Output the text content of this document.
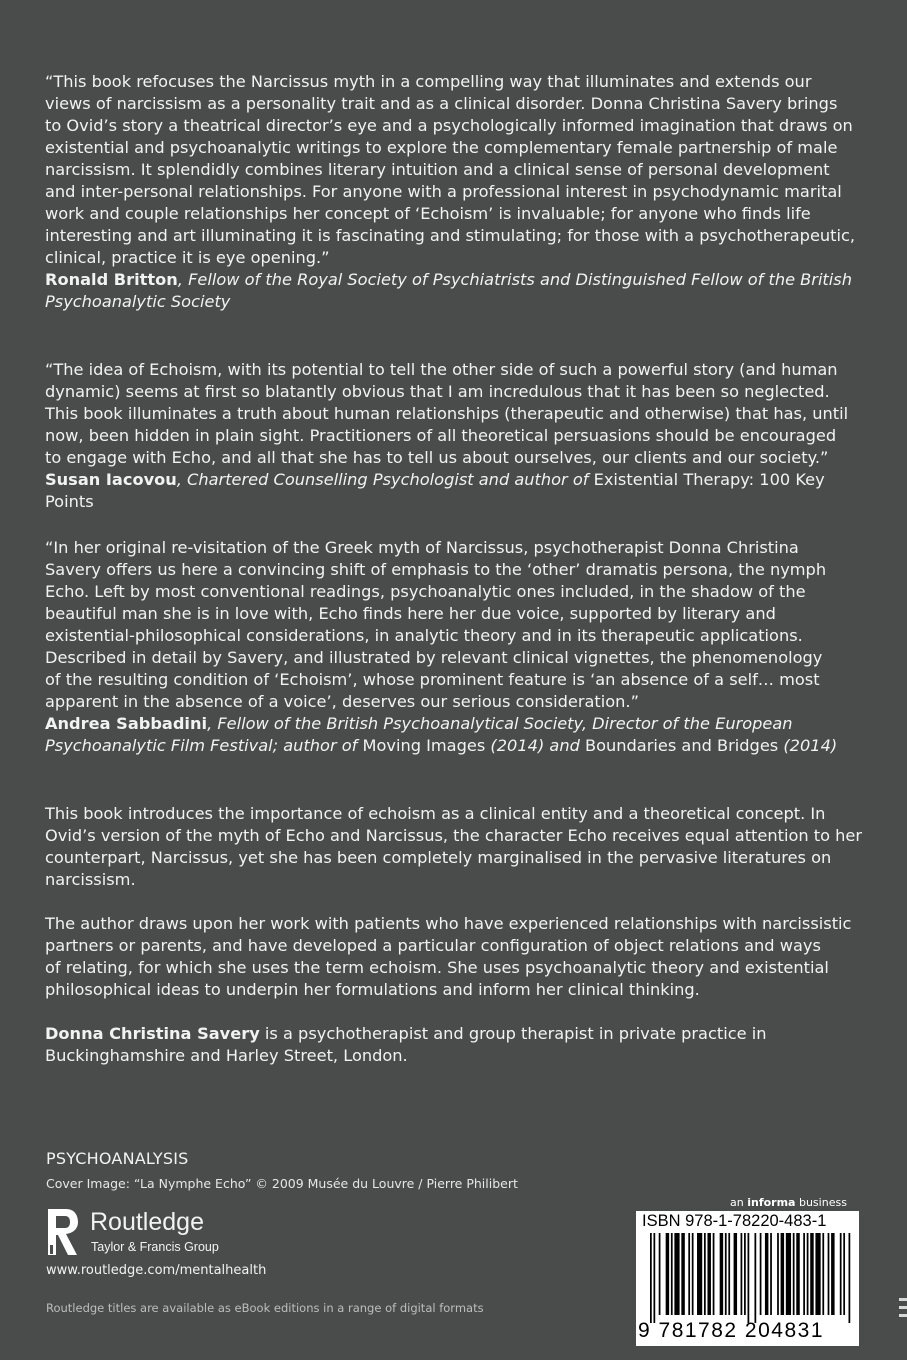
“This book refocuses the Narcissus myth in a compelling way that illuminates and extends our

views of narcissism as a personality trait and as a clinical disorder. Donna Christina Savery brings

to Ovid’s story a theatrical director’s eye and a psychologically informed imagination that draws on

existential and psychoanalytic writings to explore the complementary female partnership of male

narcissism. It splendidly combines literary intuition and a clinical sense of personal development

and inter-personal relationships. For anyone with a professional interest in psychodynamic marital

work and couple relationships her concept of ‘Echoism’ is invaluable; for anyone who finds life

interesting and art illuminating it is fascinating and stimulating; for those with a psychotherapeutic,

clinical, practice it is eye opening.”

Ronald Britton, Fellow of the Royal Society of Psychiatrists and Distinguished Fellow of the British

Psychoanalytic Society

“The idea of Echoism, with its potential to tell the other side of such a powerful story (and human

dynamic) seems at first so blatantly obvious that I am incredulous that it has been so neglected.

This book illuminates a truth about human relationships (therapeutic and otherwise) that has, until

now, been hidden in plain sight. Practitioners of all theoretical persuasions should be encouraged

to engage with Echo, and all that she has to tell us about ourselves, our clients and our society.”

Susan Iacovou, Chartered Counselling Psychologist and author of Existential Therapy: 100 Key Points

“In her original re-visitation of the Greek myth of Narcissus, psychotherapist Donna Christina

Savery offers us here a convincing shift of emphasis to the ‘other’ dramatis persona, the nymph

Echo. Left by most conventional readings, psychoanalytic ones included, in the shadow of the

beautiful man she is in love with, Echo finds here her due voice, supported by literary and

existential-philosophical considerations, in analytic theory and in its therapeutic applications.

Described in detail by Savery, and illustrated by relevant clinical vignettes, the phenomenology

of the resulting condition of ‘Echoism’, whose prominent feature is ‘an absence of a self… most

apparent in the absence of a voice’, deserves our serious consideration.”

Andrea Sabbadini, Fellow of the British Psychoanalytical Society, Director of the European

Psychoanalytic Film Festival; author of Moving Images (2014) and Boundaries and Bridges (2014)

This book introduces the importance of echoism as a clinical entity and a theoretical concept. In

Ovid’s version of the myth of Echo and Narcissus, the character Echo receives equal attention to her

counterpart, Narcissus, yet she has been completely marginalised in the pervasive literatures on

narcissism.

The author draws upon her work with patients who have experienced relationships with narcissistic

partners or parents, and have developed a particular configuration of object relations and ways

of relating, for which she uses the term echoism. She uses psychoanalytic theory and existential

philosophical ideas to underpin her formulations and inform her clinical thinking.

Donna Christina Savery is a psychotherapist and group therapist in private practice in

Buckinghamshire and Harley Street, London.

PSYCHOANALYSIS
Cover Image: “La Nymphe Echo” © 2009 Musée du Louvre / Pierre Philibert
Routledge
Taylor & Francis Group
www.routledge.com/mentalhealth
Routledge titles are available as eBook editions in a range of digital formats
an informa business
ISBN 978-1-78220-483-1
9 781782 204831
